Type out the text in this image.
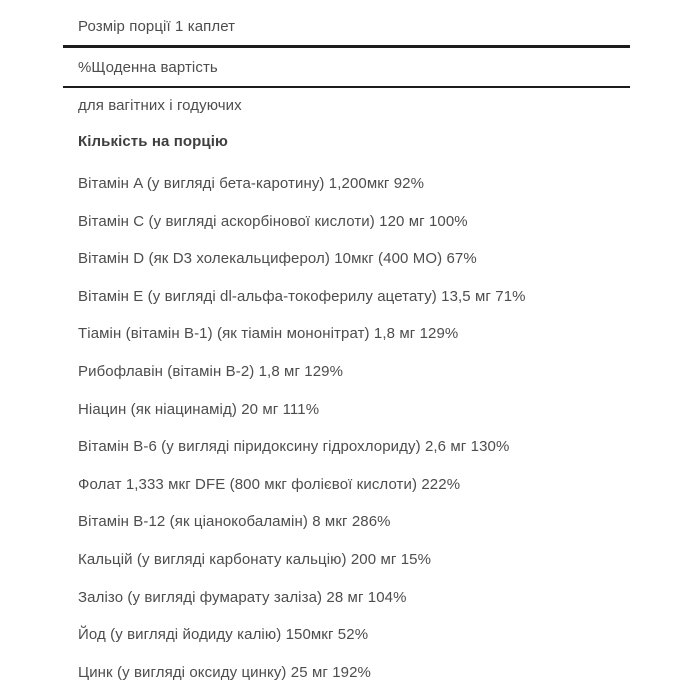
Розмір порції 1 каплет
%Щоденна вартість
для вагітних і годуючих
Кількість на порцію
Вітамін A (у вигляді бета-каротину) 1,200мкг 92%
Вітамін C (у вигляді аскорбінової кислоти) 120 мг 100%
Вітамін D (як D3 холекальциферол) 10мкг (400 МО) 67%
Вітамін E (у вигляді dl-альфа-токоферилу ацетату) 13,5 мг 71%
Тіамін (вітамін В-1) (як тіамін мононітрат) 1,8 мг 129%
Рибофлавін (вітамін В-2) 1,8 мг 129%
Ніацин (як ніацинамід) 20 мг 111%
Вітамін В-6 (у вигляді піридоксину гідрохлориду) 2,6 мг 130%
Фолат 1,333 мкг DFE (800 мкг фолієвої кислоти) 222%
Вітамін В-12 (як ціанокобаламін) 8 мкг 286%
Кальцій (у вигляді карбонату кальцію) 200 мг 15%
Залізо (у вигляді фумарату заліза) 28 мг 104%
Йод (у вигляді йодиду калію) 150мкг 52%
Цинк (у вигляді оксиду цинку) 25 мг 192%
